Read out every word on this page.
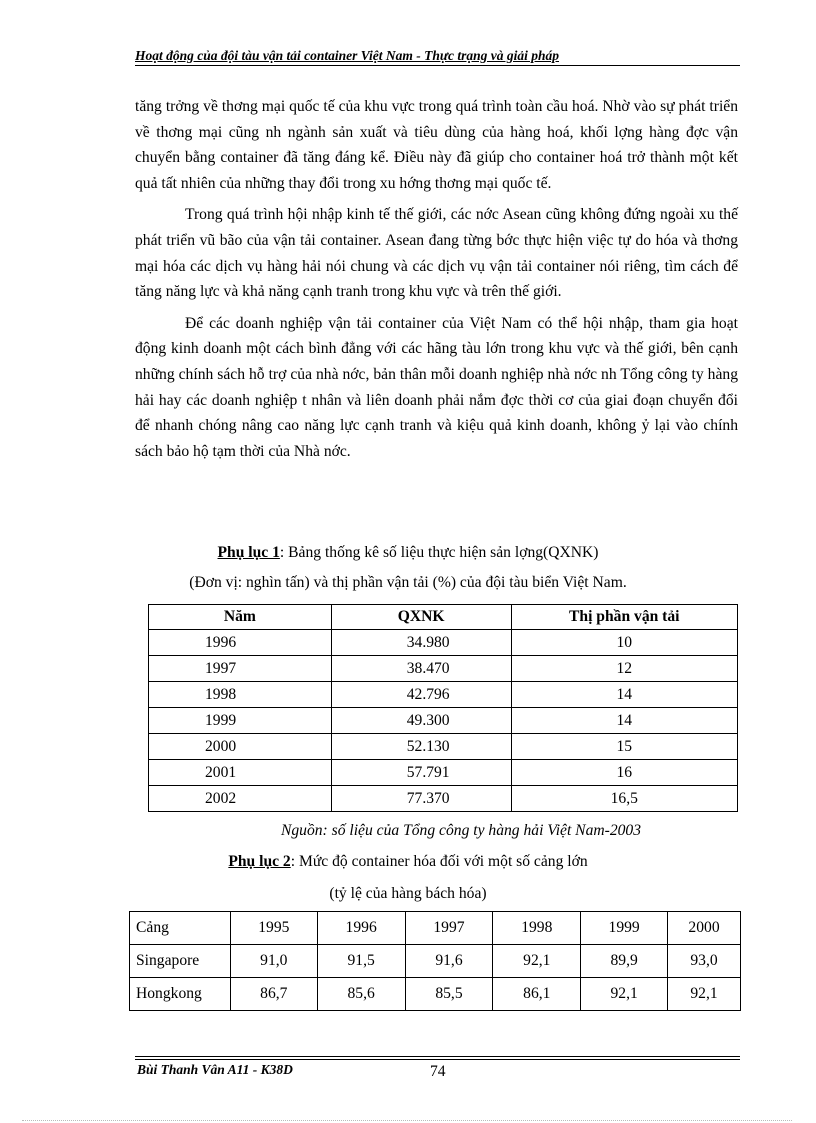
Hoạt động của đội tàu vận tải container Việt Nam - Thực trạng và giải pháp

tăng trởng về thơng mại quốc tế của khu vực trong quá trình toàn cầu hoá. Nhờ vào sự phát triển về thơng mại cũng nh ngành sản xuất và tiêu dùng của hàng hoá, khối lợng hàng đợc vận chuyển bằng container đã tăng đáng kể. Điều này đã giúp cho container hoá trở thành một kết quả tất nhiên của những thay đổi trong xu hớng thơng mại quốc tế.

Trong quá trình hội nhập kinh tế thế giới, các nớc Asean cũng không đứng ngoài xu thế phát triển vũ bão của vận tải container. Asean đang từng bớc thực hiện việc tự do hóa và thơng mại hóa các dịch vụ hàng hải nói chung và các dịch vụ vận tải container nói riêng, tìm cách để tăng năng lực và khả năng cạnh tranh trong khu vực và trên thế giới.

Để các doanh nghiệp vận tải container của Việt Nam có thể hội nhập, tham gia hoạt động kinh doanh một cách bình đẳng với các hãng tàu lớn trong khu vực và thế giới, bên cạnh những chính sách hỗ trợ của nhà nớc, bản thân mỗi doanh nghiệp nhà nớc nh Tổng công ty hàng hải hay các doanh nghiệp t nhân và liên doanh phải nắm đợc thời cơ của giai đoạn chuyển đổi để nhanh chóng nâng cao năng lực cạnh tranh và kiệu quả kinh doanh, không ỷ lại vào chính sách bảo hộ tạm thời của Nhà nớc.

Phụ lục 1: Bảng thống kê số liệu thực hiện sản lợng(QXNK)
(Đơn vị: nghìn tấn) và thị phần vận tải (%) của đội tàu biển Việt Nam.
Năm	QXNK	Thị phần vận tải
1996	34.980	10
1997	38.470	12
1998	42.796	14
1999	49.300	14
2000	52.130	15
2001	57.791	16
2002	77.370	16,5
Nguồn: số liệu của Tổng công ty hàng hải Việt Nam-2003
Phụ lục 2: Mức độ container hóa đối với một số cảng lớn
(tỷ lệ của hàng bách hóa)
Cảng	1995	1996	1997	1998	1999	2000
Singapore	91,0	91,5	91,6	92,1	89,9	93,0
Hongkong	86,7	85,6	85,5	86,1	92,1	92,1
Bùi Thanh Vân A11 - K38D	74
